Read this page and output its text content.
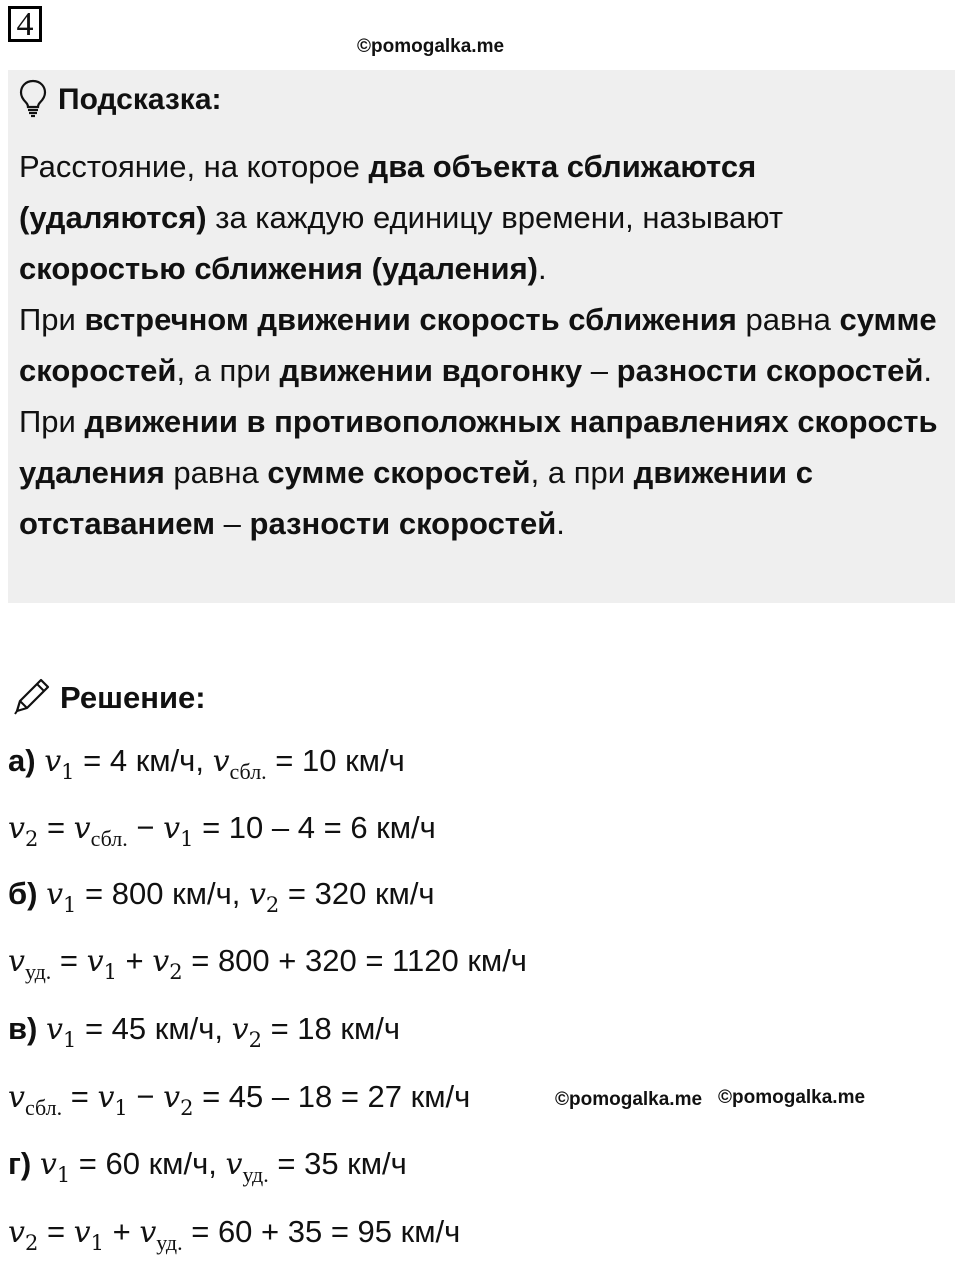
4
©pomogalka.me
Подсказка:

Расстояние, на которое два объекта сближаются (удаляются) за каждую единицу времени, называют скоростью сближения (удаления).

При встречном движении скорость сближения равна сумме скоростей, а при движении вдогонку – разности скоростей.

При движении в противоположных направлениях скорость удаления равна сумме скоростей, а при движении с отставанием – разности скоростей.

Решение:
а) $v_1 = 4$ км/ч, $v_{сбл.} = 10$ км/ч
$v_2 = v_{сбл.} - v_1 = 10 - 4 = 6$ км/ч
б) $v_1 = 800$ км/ч, $v_2 = 320$ км/ч
$v_{уд.} = v_1 + v_2 = 800 + 320 = 1120$ км/ч
в) $v_1 = 45$ км/ч, $v_2 = 18$ км/ч
$v_{сбл.} = v_1 - v_2 = 45 - 18 = 27$ км/ч
г) $v_1 = 60$ км/ч, $v_{уд.} = 35$ км/ч
$v_2 = v_1 + v_{уд.} = 60 + 35 = 95$ км/ч
©pomogalka.me ©pomogalka.me
